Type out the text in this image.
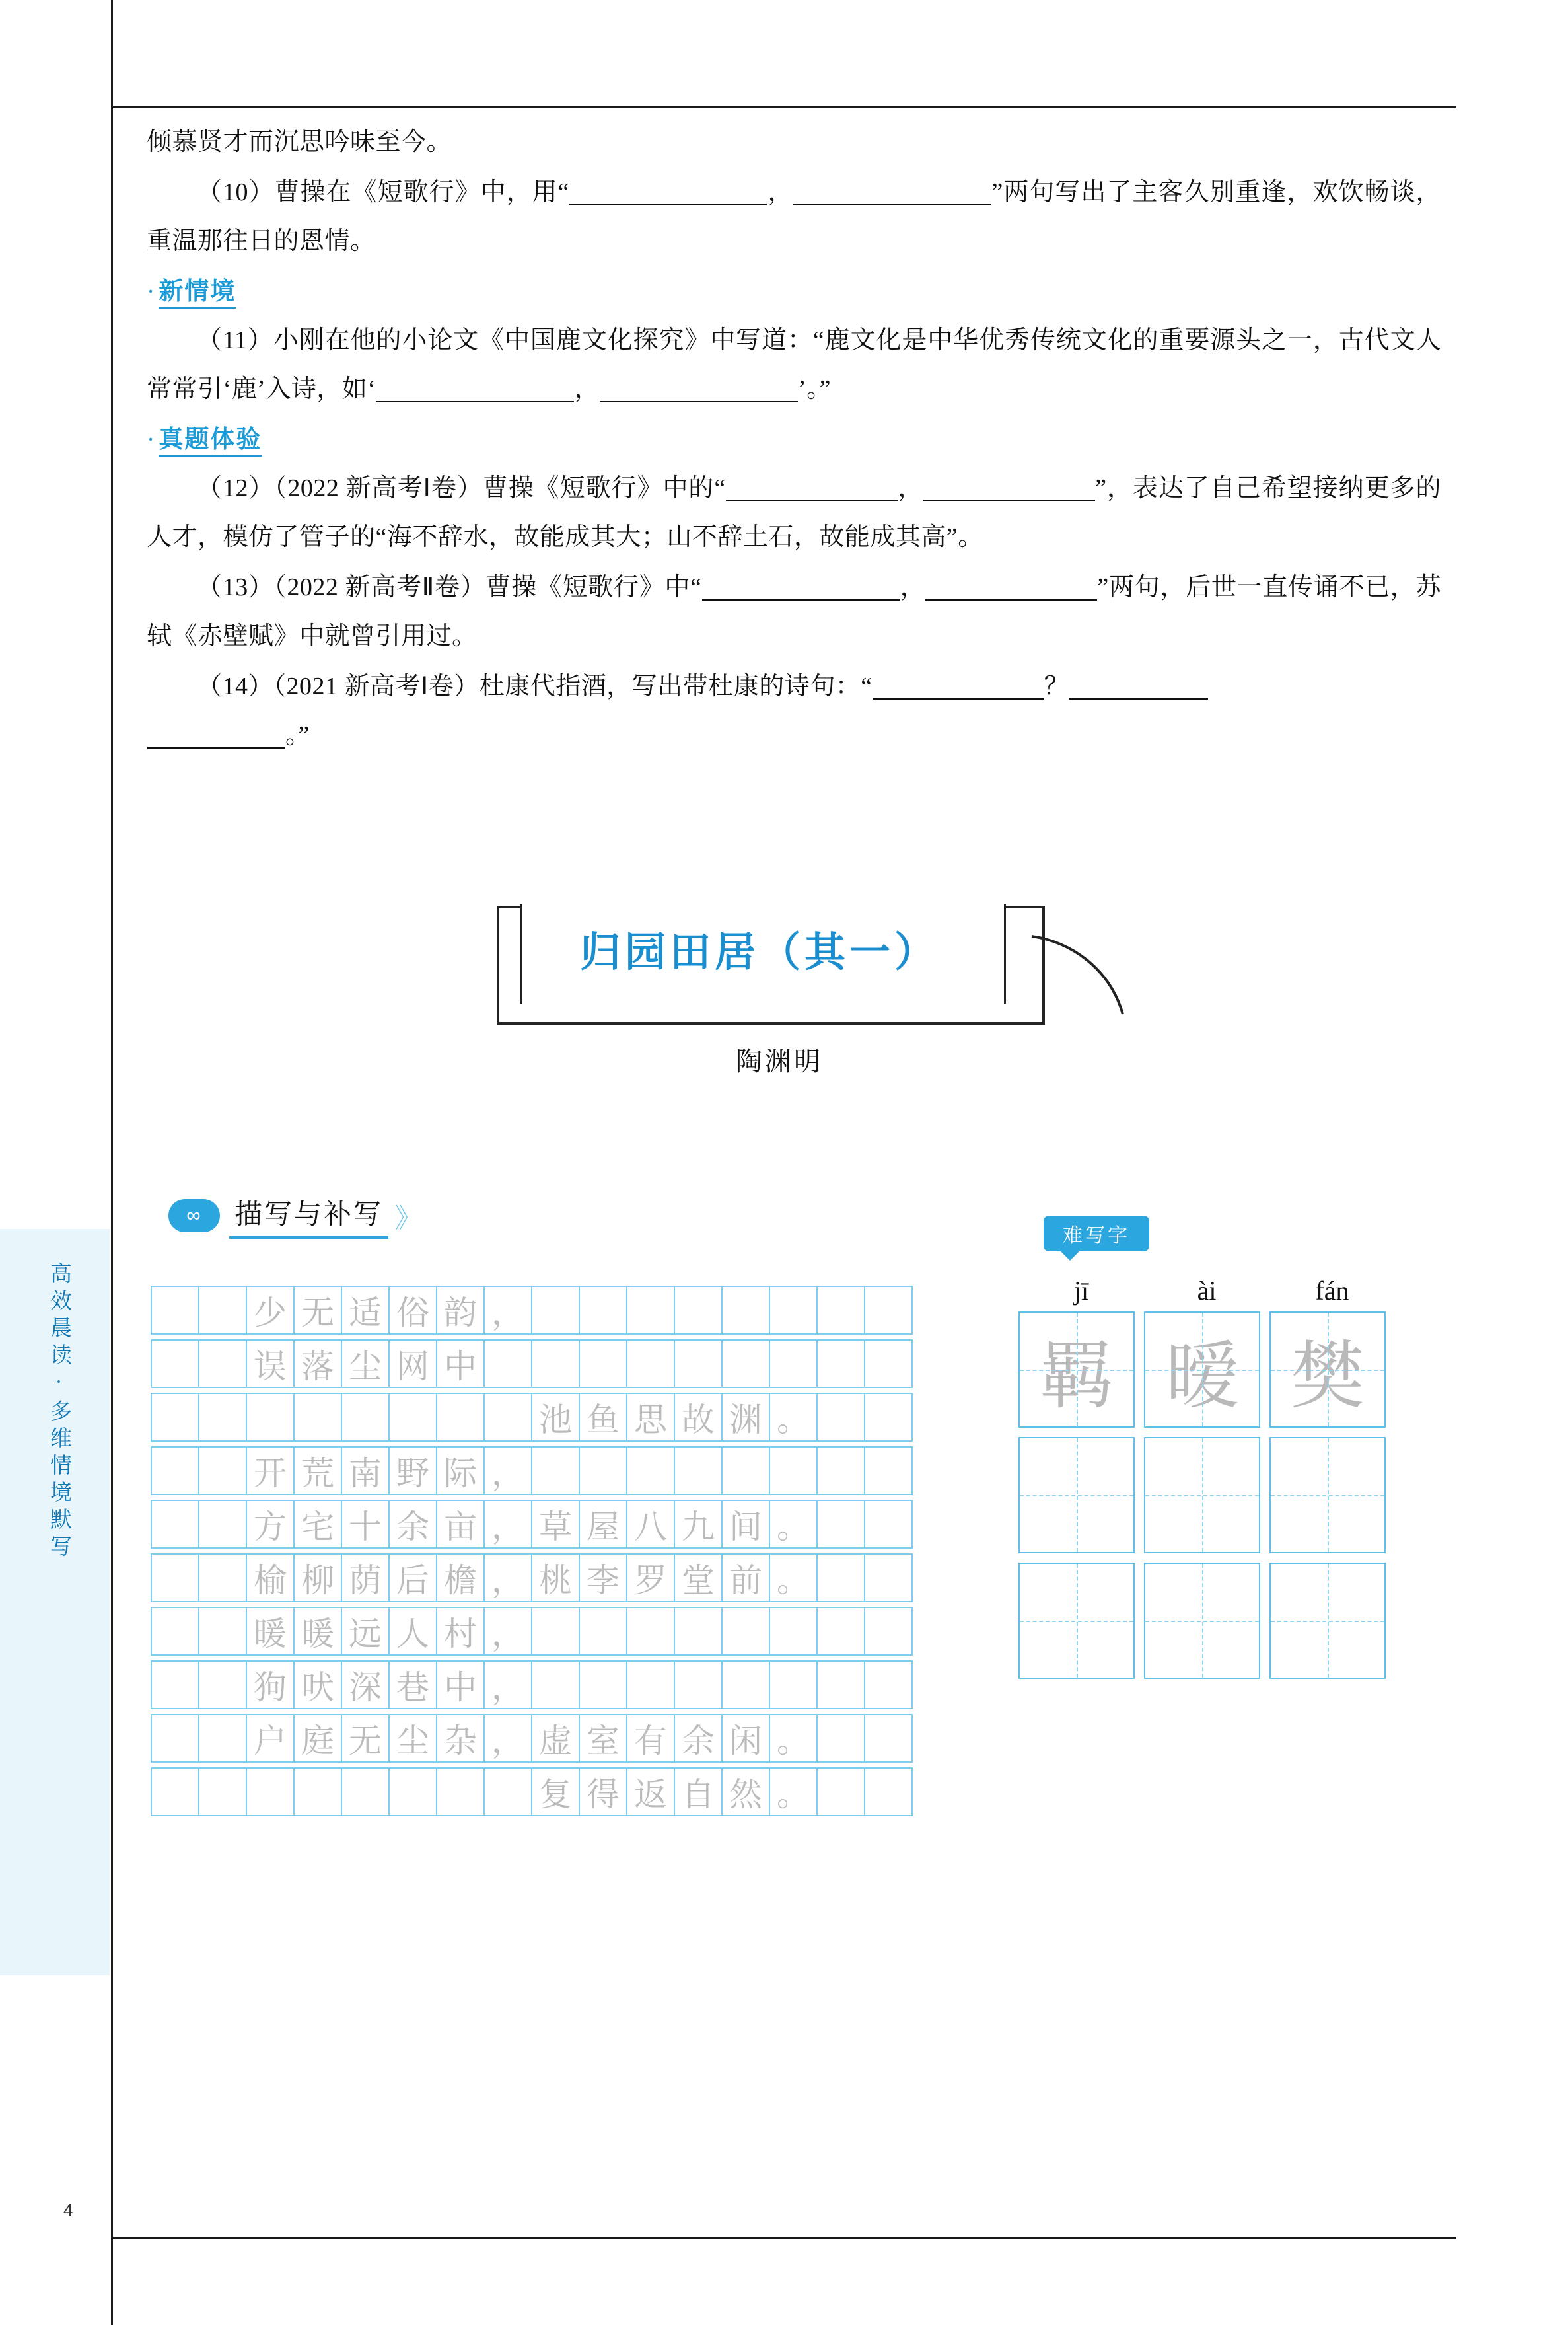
高效晨读·多维情境默写
4

倾慕贤才而沉思吟味至今。

（10）曹操在《短歌行》中，用“	，	”两句写出了主客久别重逢，欢饮畅谈，重温那往日的恩情。

· 新情境

（11）小刚在他的小论文《中国鹿文化探究》中写道：“鹿文化是中华优秀传统文化的重要源头之一，古代文人常常引‘鹿’入诗，如‘	，	’。”

· 真题体验

（12）（2022 新高考Ⅰ卷）曹操《短歌行》中的“	，	”，表达了自己希望接纳更多的人才，模仿了管子的“海不辞水，故能成其大；山不辞土石，故能成其高”。

（13）（2022 新高考Ⅱ卷）曹操《短歌行》中“	，	”两句，后世一直传诵不已，苏轼《赤壁赋》中就曾引用过。

（14）（2021 新高考Ⅰ卷）杜康代指酒，写出带杜康的诗句：“	？
。”

归园田居（其一）
陶渊明
∞	描写与补写 》
少 无 适 俗 韵 ，
误 落 尘 网 中
池 鱼 思 故 渊 。
开 荒 南 野 际 ，
方 宅 十 余 亩 ， 草 屋 八 九 间 。
榆 柳 荫 后 檐 ， 桃 李 罗 堂 前 。
暖 暖 远 人 村 ，
狗 吠 深 巷 中 ，
户 庭 无 尘 杂 ， 虚 室 有 余 闲 。
复 得 返 自 然 。
难写字
jī	ài	fán
羁 暧 樊
